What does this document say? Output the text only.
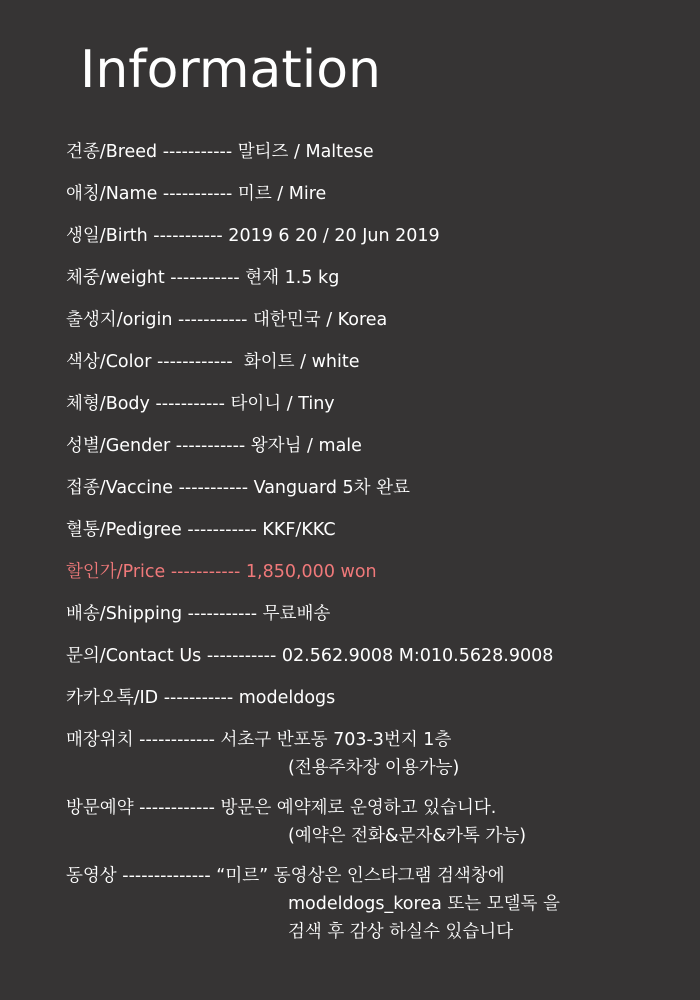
Information
견종/Breed ----------- 말티즈 / Maltese
애칭/Name ----------- 미르 / Mire
생일/Birth ----------- 2019 6 20 / 20 Jun 2019
체중/weight ----------- 현재 1.5 kg
출생지/origin ----------- 대한민국 / Korea
색상/Color ------------  화이트 / white
체형/Body ----------- 타이니 / Tiny
성별/Gender ----------- 왕자님 / male
접종/Vaccine ----------- Vanguard 5차 완료
혈통/Pedigree ----------- KKF/KKC
할인가/Price ----------- 1,850,000 won
배송/Shipping ----------- 무료배송
문의/Contact Us ----------- 02.562.9008 M:010.5628.9008
카카오톡/ID ----------- modeldogs
매장위치 ------------ 서초구 반포동 703-3번지 1층
(전용주차장 이용가능)
방문예약 ------------ 방문은 예약제로 운영하고 있습니다.
(예약은 전화&문자&카톡 가능)
동영상 -------------- “미르” 동영상은 인스타그램 검색창에
modeldogs_korea 또는 모델독 을
검색 후 감상 하실수 있습니다
